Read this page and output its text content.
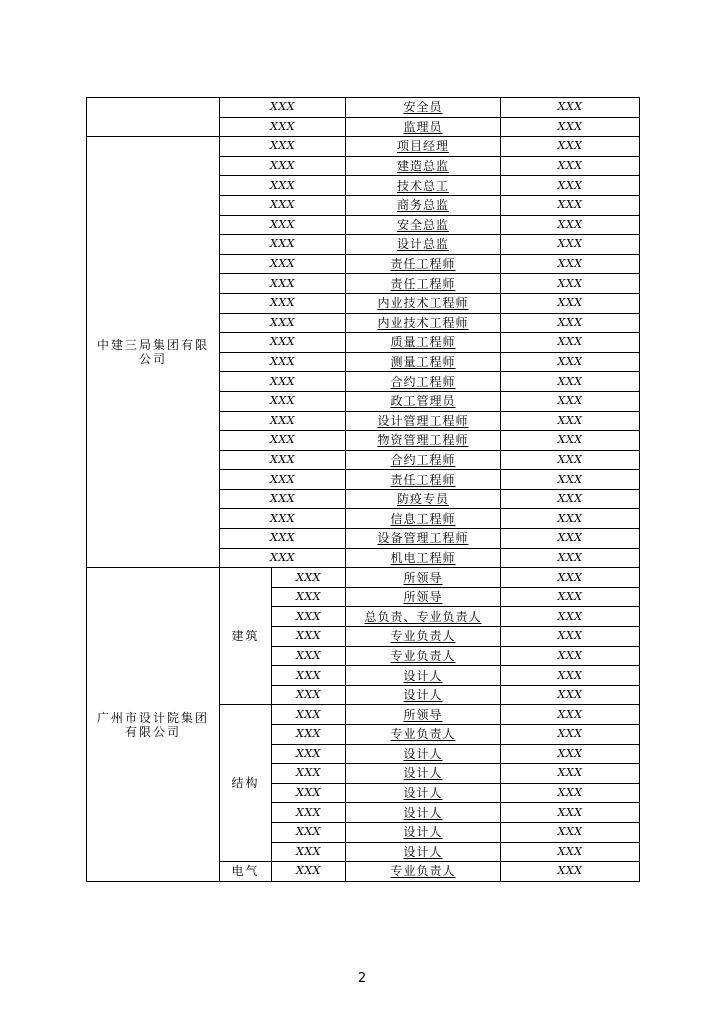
	XXX		安全员	XXX
	XXX		监理员	XXX
中建三局集团有限公司	XXX		项目经理	XXX
	XXX		建造总监	XXX
	XXX		技术总工	XXX
	XXX		商务总监	XXX
	XXX		安全总监	XXX
	XXX		设计总监	XXX
	XXX		责任工程师	XXX
	XXX		责任工程师	XXX
	XXX		内业技术工程师	XXX
	XXX		内业技术工程师	XXX
	XXX		质量工程师	XXX
	XXX		测量工程师	XXX
	XXX		合约工程师	XXX
	XXX		政工管理员	XXX
	XXX		设计管理工程师	XXX
	XXX		物资管理工程师	XXX
	XXX		合约工程师	XXX
	XXX		责任工程师	XXX
	XXX		防疫专员	XXX
	XXX		信息工程师	XXX
	XXX		设备管理工程师	XXX
	XXX		机电工程师	XXX
广州市设计院集团有限公司	建筑	XXX	所领导	XXX
		XXX	所领导	XXX
		XXX	总负责、专业负责人	XXX
		XXX	专业负责人	XXX
		XXX	专业负责人	XXX
		XXX	设计人	XXX
		XXX	设计人	XXX
	结构	XXX	所领导	XXX
		XXX	专业负责人	XXX
		XXX	设计人	XXX
		XXX	设计人	XXX
		XXX	设计人	XXX
		XXX	设计人	XXX
		XXX	设计人	XXX
		XXX	设计人	XXX
	电气	XXX	专业负责人	XXX
2
